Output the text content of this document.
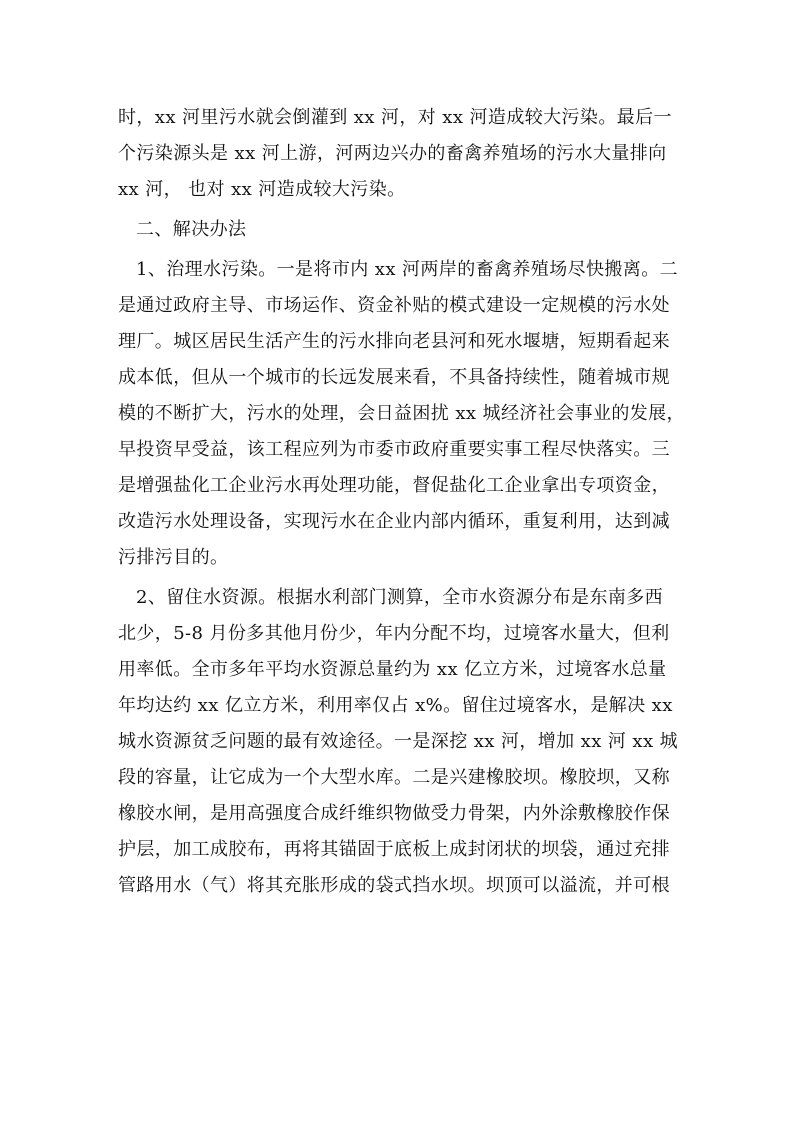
时，xx 河里污水就会倒灌到 xx 河，对 xx 河造成较大污染。最后一
个污染源头是 xx 河上游，河两边兴办的畜禽养殖场的污水大量排向
xx 河， 也对 xx 河造成较大污染。
二、解决办法
1、治理水污染。一是将市内 xx 河两岸的畜禽养殖场尽快搬离。二
是通过政府主导、市场运作、资金补贴的模式建设一定规模的污水处
理厂。城区居民生活产生的污水排向老县河和死水堰塘，短期看起来
成本低，但从一个城市的长远发展来看，不具备持续性，随着城市规
模的不断扩大，污水的处理，会日益困扰 xx 城经济社会事业的发展，
早投资早受益，该工程应列为市委市政府重要实事工程尽快落实。三
是增强盐化工企业污水再处理功能，督促盐化工企业拿出专项资金，
改造污水处理设备，实现污水在企业内部内循环，重复利用，达到减
污排污目的。
2、留住水资源。根据水利部门测算，全市水资源分布是东南多西
北少，5-8 月份多其他月份少，年内分配不均，过境客水量大，但利
用率低。全市多年平均水资源总量约为 xx 亿立方米，过境客水总量
年均达约 xx 亿立方米，利用率仅占 x%。留住过境客水，是解决 xx
城水资源贫乏问题的最有效途径。一是深挖 xx 河，增加 xx 河 xx 城
段的容量，让它成为一个大型水库。二是兴建橡胶坝。橡胶坝，又称
橡胶水闸，是用高强度合成纤维织物做受力骨架，内外涂敷橡胶作保
护层，加工成胶布，再将其锚固于底板上成封闭状的坝袋，通过充排
管路用水（气）将其充胀形成的袋式挡水坝。坝顶可以溢流，并可根
